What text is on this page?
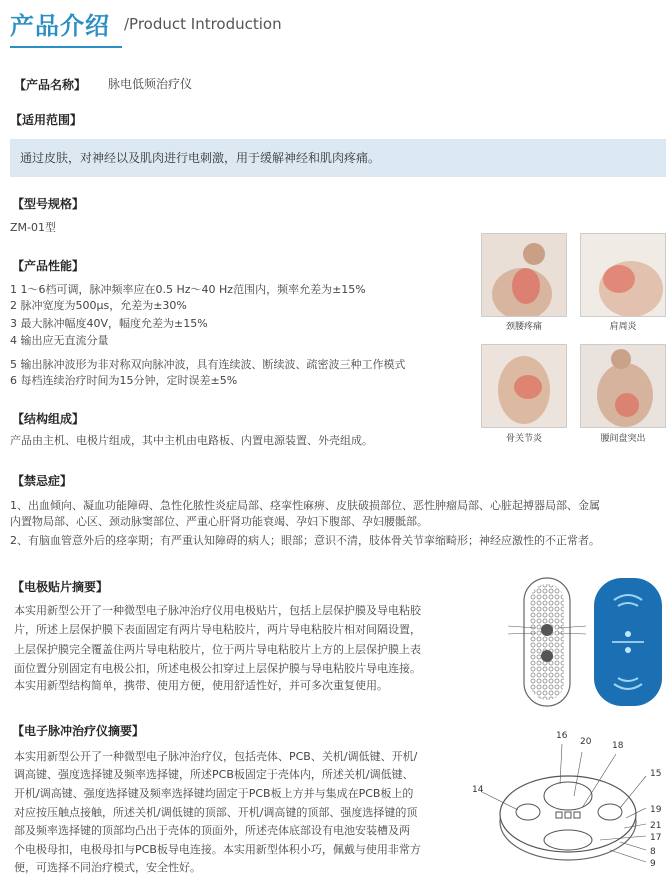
产品介绍 /Product Introduction
【产品名称】 脉电低频治疗仪
【适用范围】
通过皮肤，对神经以及肌肉进行电刺激，用于缓解神经和肌肉疼痛。
【型号规格】
ZM-01型
【产品性能】
1 1～6档可调，脉冲频率应在0.5 Hz～40 Hz范围内，频率允差为±15%
2 脉冲宽度为500μs，允差为±30%
3 最大脉冲幅度40V，幅度允差为±15%
4 输出应无直流分量
5 输出脉冲波形为非对称双向脉冲波，具有连续波、断续波、疏密波三种工作模式
6 每档连续治疗时间为15分钟，定时误差±5%
颈腰疼痛	肩周炎
骨关节炎	腰间盘突出
【结构组成】
产品由主机、电极片组成，其中主机由电路板、内置电源装置、外壳组成。
【禁忌症】
1、出血倾向、凝血功能障碍、急性化脓性炎症局部、痉挛性麻痹、皮肤破损部位、恶性肿瘤局部、心脏起搏器局部、金属
内置物局部、心区、颈动脉窦部位、严重心肝肾功能衰竭、孕妇下腹部、孕妇腰骶部。
2、有脑血管意外后的痉挛期；有严重认知障碍的病人；眼部；意识不清，肢体骨关节挛缩畸形；神经应激性的不正常者。
【电极贴片摘要】
本实用新型公开了一种微型电子脉冲治疗仪用电极贴片，包括上层保护膜及导电粘胶
片，所述上层保护膜下表面固定有两片导电粘胶片，两片导电粘胶片相对间隔设置，
上层保护膜完全覆盖住两片导电粘胶片，位于两片导电粘胶片上方的上层保护膜上表
面位置分别固定有电极公扣，所述电极公扣穿过上层保护膜与导电粘胶片导电连接。
本实用新型结构简单，携带、使用方便，使用舒适性好，并可多次重复使用。
【电子脉冲治疗仪摘要】
本实用新型公开了一种微型电子脉冲治疗仪，包括壳体、PCB、关机/调低键、开机/
调高键、强度选择键及频率选择键，所述PCB板固定于壳体内，所述关机/调低键、
开机/调高键、强度选择键及频率选择键均固定于PCB板上方并与集成在PCB板上的
对应按压触点接触，所述关机/调低键的顶部、开机/调高键的顶部、强度选择键的顶
部及频率选择键的顶部均凸出于壳体的顶面外，所述壳体底部设有电池安装槽及两
个电极母扣，电极母扣与PCB板导电连接。本实用新型体积小巧，佩戴与使用非常方
便，可选择不同治疗模式，安全性好。
16
20 18
15
14
19
21
17
8
9
